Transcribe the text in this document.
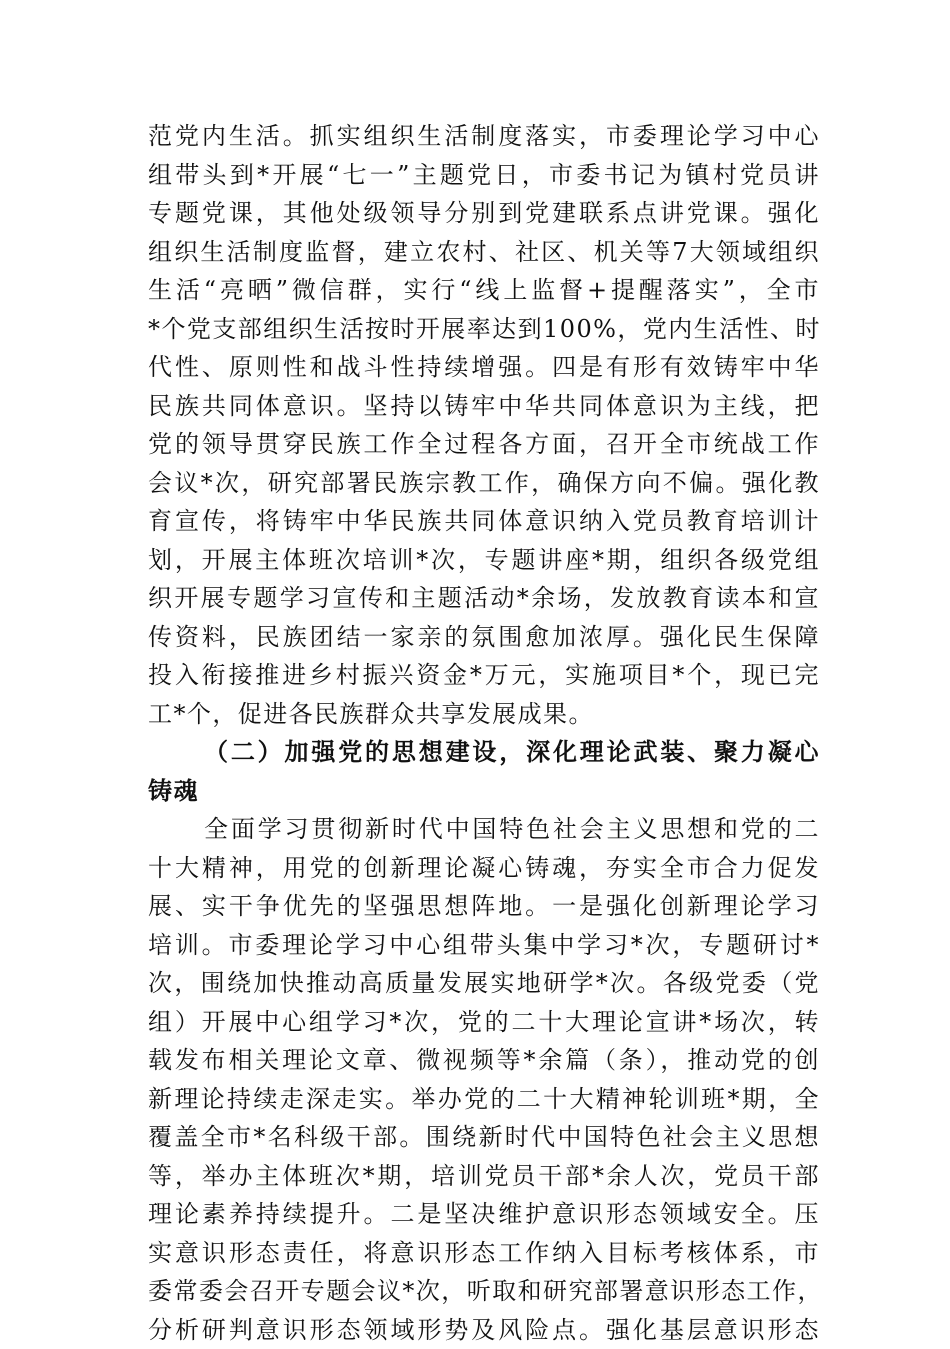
范党内生活。抓实组织生活制度落实，市委理论学习中心
组带头到*开展“七一”主题党日，市委书记为镇村党员讲
专题党课，其他处级领导分别到党建联系点讲党课。强化
组织生活制度监督，建立农村、社区、机关等7大领域组织
生活“亮晒”微信群，实行“线上监督+提醒落实”，全市
*个党支部组织生活按时开展率达到100%，党内生活性、时
代性、原则性和战斗性持续增强。四是有形有效铸牢中华
民族共同体意识。坚持以铸牢中华共同体意识为主线，把
党的领导贯穿民族工作全过程各方面，召开全市统战工作
会议*次，研究部署民族宗教工作，确保方向不偏。强化教
育宣传，将铸牢中华民族共同体意识纳入党员教育培训计
划，开展主体班次培训*次，专题讲座*期，组织各级党组
织开展专题学习宣传和主题活动*余场，发放教育读本和宣
传资料，民族团结一家亲的氛围愈加浓厚。强化民生保障
投入衔接推进乡村振兴资金*万元，实施项目*个，现已完
工*个，促进各民族群众共享发展成果。
（二）加强党的思想建设，深化理论武装、聚力凝心
铸魂
全面学习贯彻新时代中国特色社会主义思想和党的二
十大精神，用党的创新理论凝心铸魂，夯实全市合力促发
展、实干争优先的坚强思想阵地。一是强化创新理论学习
培训。市委理论学习中心组带头集中学习*次，专题研讨*
次，围绕加快推动高质量发展实地研学*次。各级党委（党
组）开展中心组学习*次，党的二十大理论宣讲*场次，转
载发布相关理论文章、微视频等*余篇（条），推动党的创
新理论持续走深走实。举办党的二十大精神轮训班*期，全
覆盖全市*名科级干部。围绕新时代中国特色社会主义思想
等，举办主体班次*期，培训党员干部*余人次，党员干部
理论素养持续提升。二是坚决维护意识形态领域安全。压
实意识形态责任，将意识形态工作纳入目标考核体系，市
委常委会召开专题会议*次，听取和研究部署意识形态工作，
分析研判意识形态领域形势及风险点。强化基层意识形态
